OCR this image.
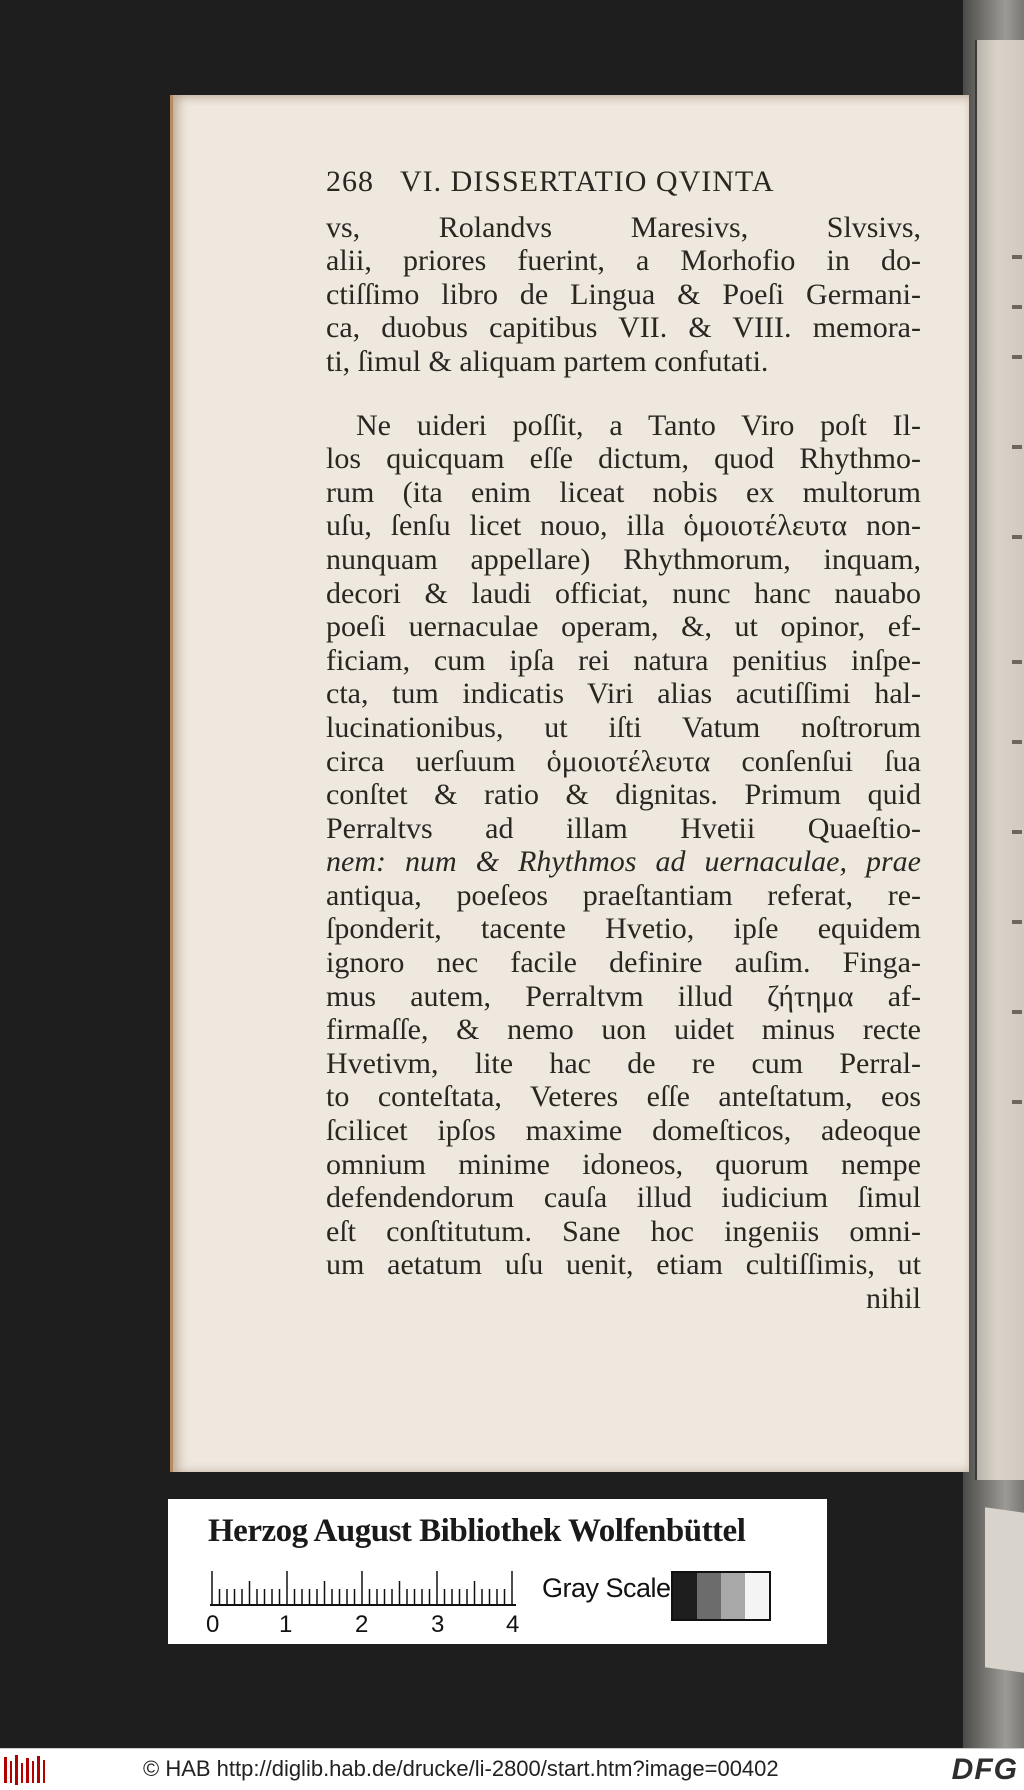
268 VI. DISSERTATIO QVINTA
vs, Rolandvs Maresivs, Slvsivs,
alii, priores fuerint, a Morhofio in do-
ctiſſimo libro de Lingua & Poeſi Germani-
ca, duobus capitibus VII. & VIII. memora-
ti, ſimul & aliquam partem confutati.
Ne uideri poſſit, a Tanto Viro poſt Il-
los quicquam eſſe dictum, quod Rhythmo-
rum (ita enim liceat nobis ex multorum
uſu, ſenſu licet nouo, illa ὁμοιοτέλευτα non-
nunquam appellare) Rhythmorum, inquam,
decori & laudi officiat, nunc hanc nauabo
poeſi uernaculae operam, &, ut opinor, ef-
ficiam, cum ipſa rei natura penitius inſpe-
cta, tum indicatis Viri alias acutiſſimi hal-
lucinationibus, ut iſti Vatum noſtrorum
circa uerſuum ὁμοιοτέλευτα conſenſui ſua
conſtet & ratio & dignitas. Primum quid
Perraltvs ad illam Hvetii Quaeſtio-
nem: num & Rhythmos ad uernaculae, prae
antiqua, poeſeos praeſtantiam referat, re-
ſponderit, tacente Hvetio, ipſe equidem
ignoro nec facile definire auſim. Finga-
mus autem, Perraltvm illud ζήτημα af-
firmaſſe, & nemo uon uidet minus recte
Hvetivm, lite hac de re cum Perral-
to conteſtata, Veteres eſſe anteſtatum, eos
ſcilicet ipſos maxime domeſticos, adeoque
omnium minime idoneos, quorum nempe
defendendorum cauſa illud iudicium ſimul
eſt conſtitutum. Sane hoc ingeniis omni-
um aetatum uſu uenit, etiam cultiſſimis, ut
nihil
Herzog August Bibliothek Wolfenbüttel
0 1	2	3	4
Gray Scale
© HAB http://diglib.hab.de/drucke/li-2800/start.htm?image=00402	DFG
